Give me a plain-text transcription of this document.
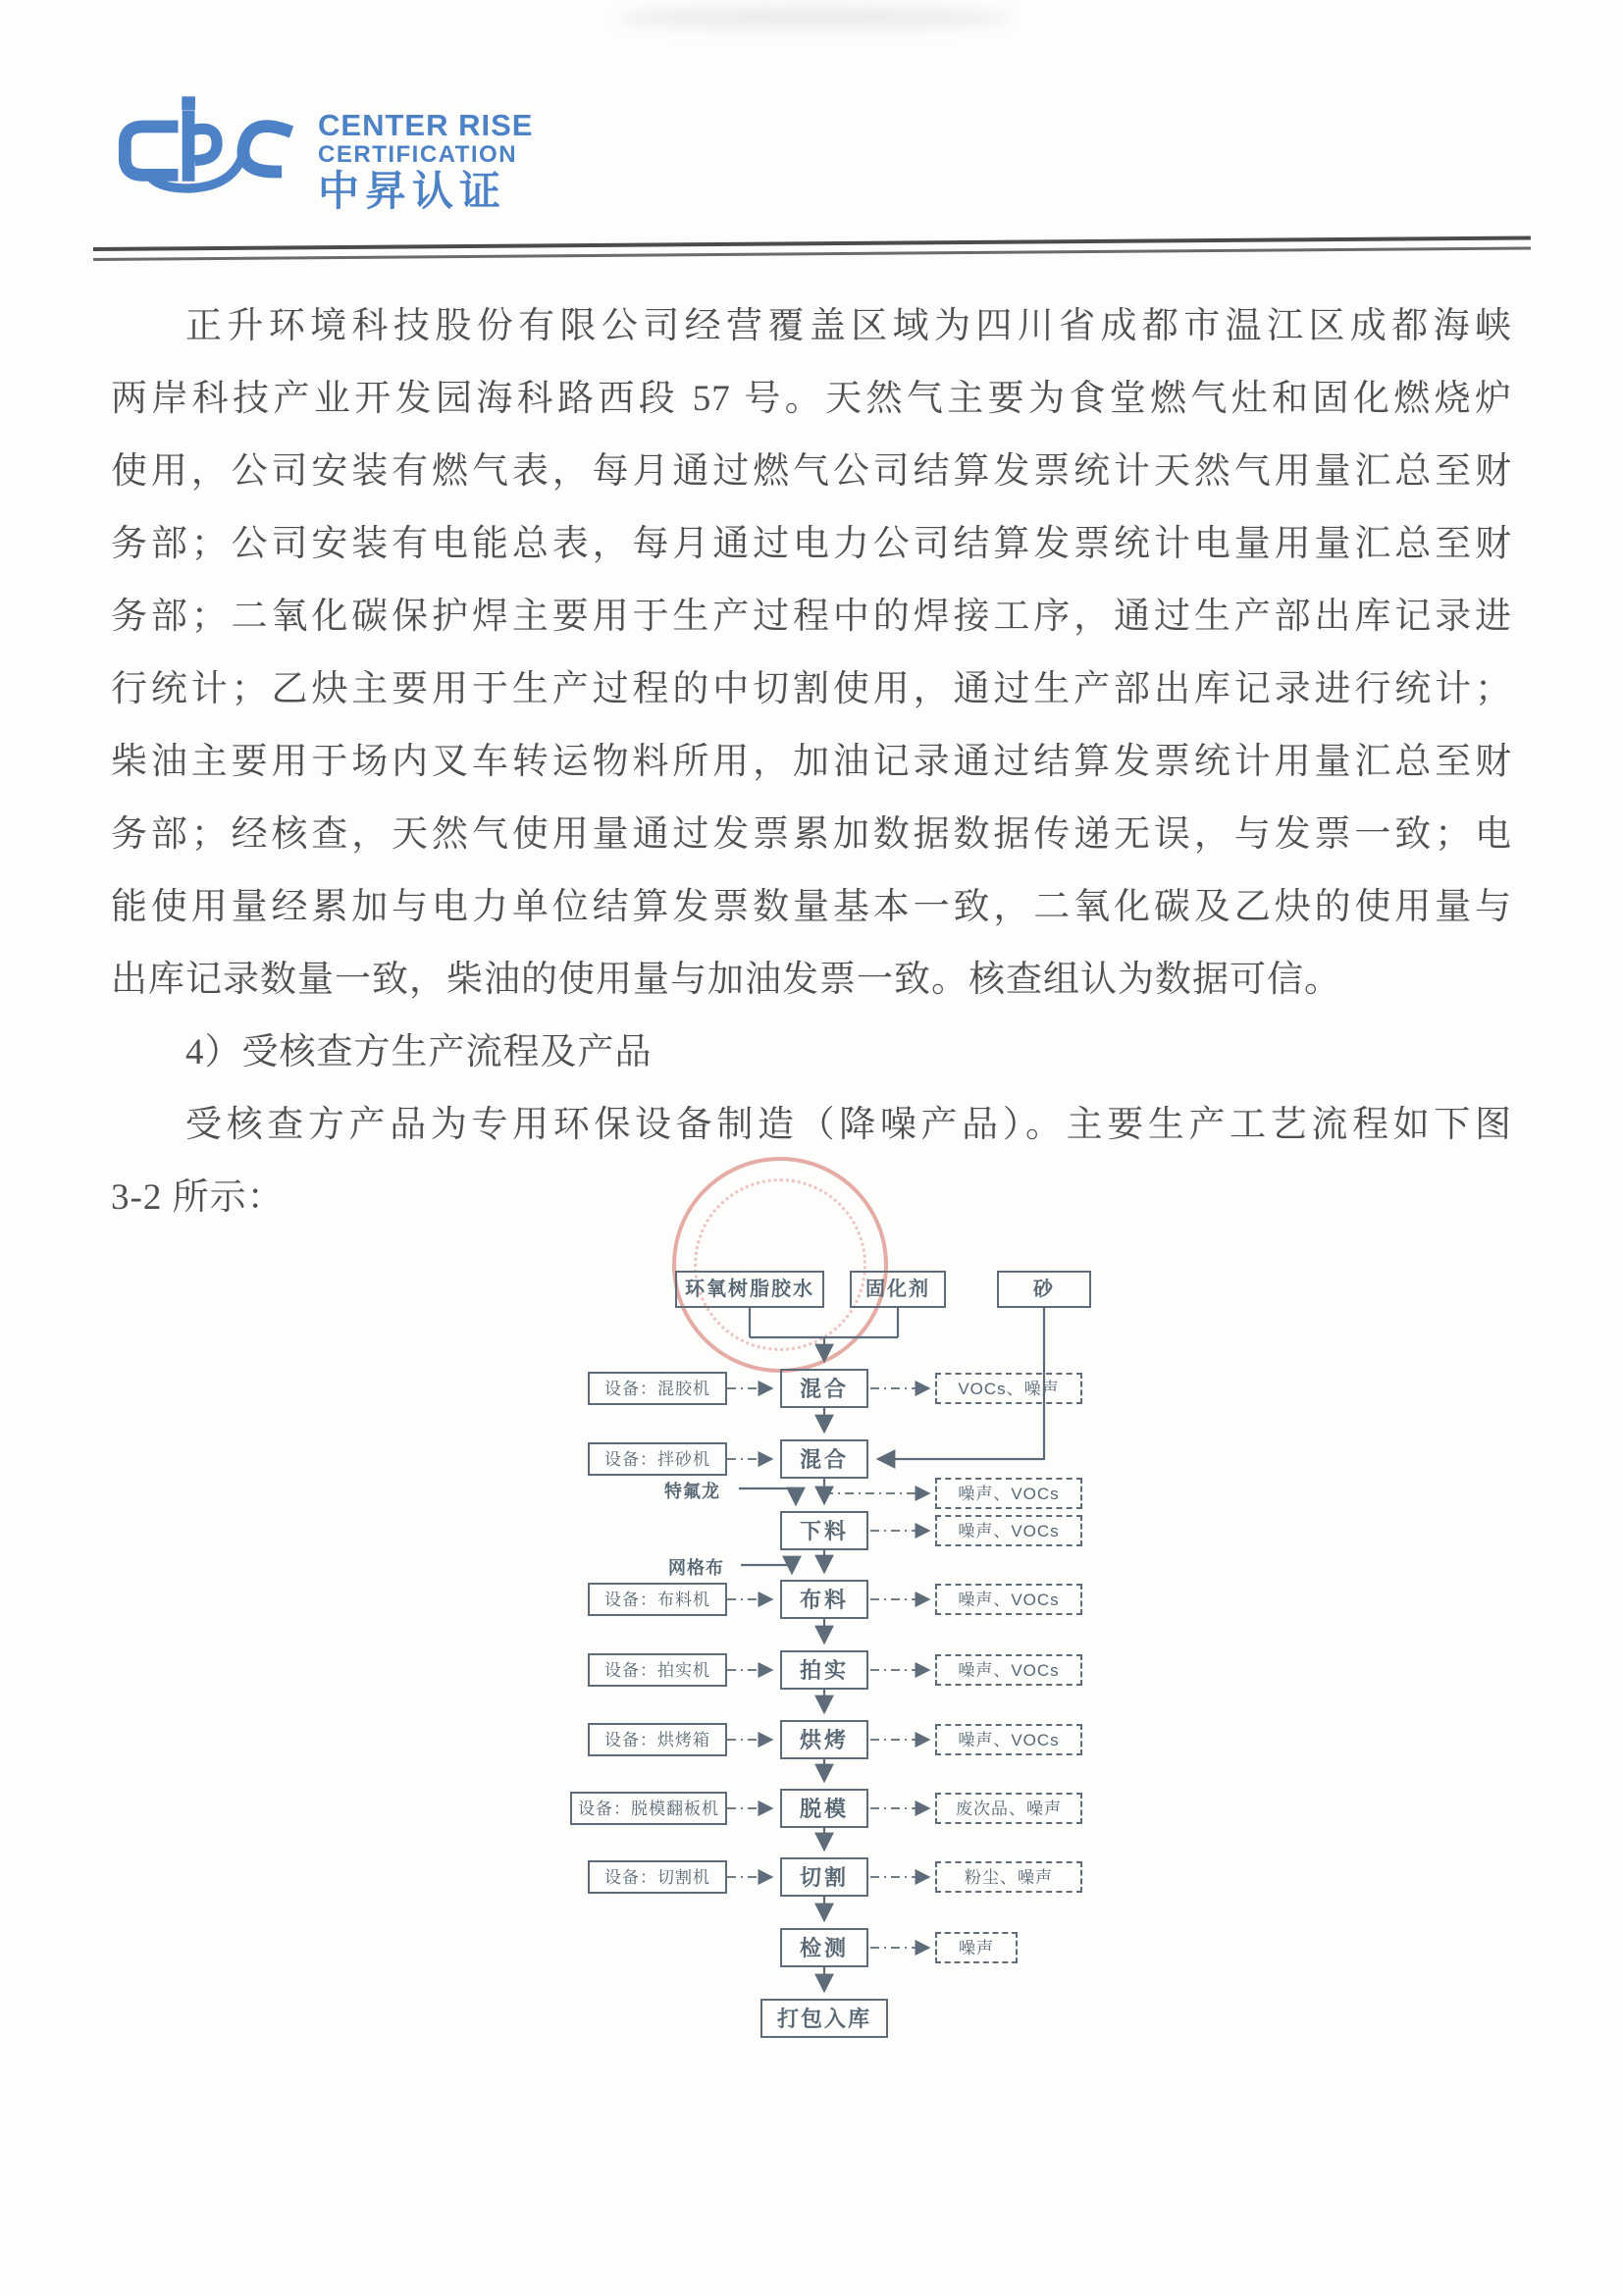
CENTER RISE
CERTIFICATION
中昇认证
正升环境科技股份有限公司经营覆盖区域为四川省成都市温江区成都海峡
两岸科技产业开发园海科路西段 57 号。天然气主要为食堂燃气灶和固化燃烧炉
使用，公司安装有燃气表，每月通过燃气公司结算发票统计天然气用量汇总至财
务部；公司安装有电能总表，每月通过电力公司结算发票统计电量用量汇总至财
务部；二氧化碳保护焊主要用于生产过程中的焊接工序，通过生产部出库记录进
行统计；乙炔主要用于生产过程的中切割使用，通过生产部出库记录进行统计；
柴油主要用于场内叉车转运物料所用，加油记录通过结算发票统计用量汇总至财
务部；经核查，天然气使用量通过发票累加数据数据传递无误，与发票一致；电
能使用量经累加与电力单位结算发票数量基本一致，二氧化碳及乙炔的使用量与
出库记录数量一致，柴油的使用量与加油发票一致。核查组认为数据可信。
4）受核查方生产流程及产品
受核查方产品为专用环保设备制造（降噪产品）。主要生产工艺流程如下图
3-2 所示：
环氧树脂胶水	固化剂	砂
特氟龙
网格布
混合
混合
下料
布料
拍实
烘烤
脱模
切割
检测
打包入库
设备：混胶机
设备：拌砂机
设备：布料机
设备：拍实机
设备：烘烤箱
设备：脱模翻板机
设备：切割机
VOCs、噪声
噪声、VOCs
噪声、VOCs
噪声、VOCs
噪声、VOCs
噪声、VOCs
废次品、噪声
粉尘、噪声
噪声
